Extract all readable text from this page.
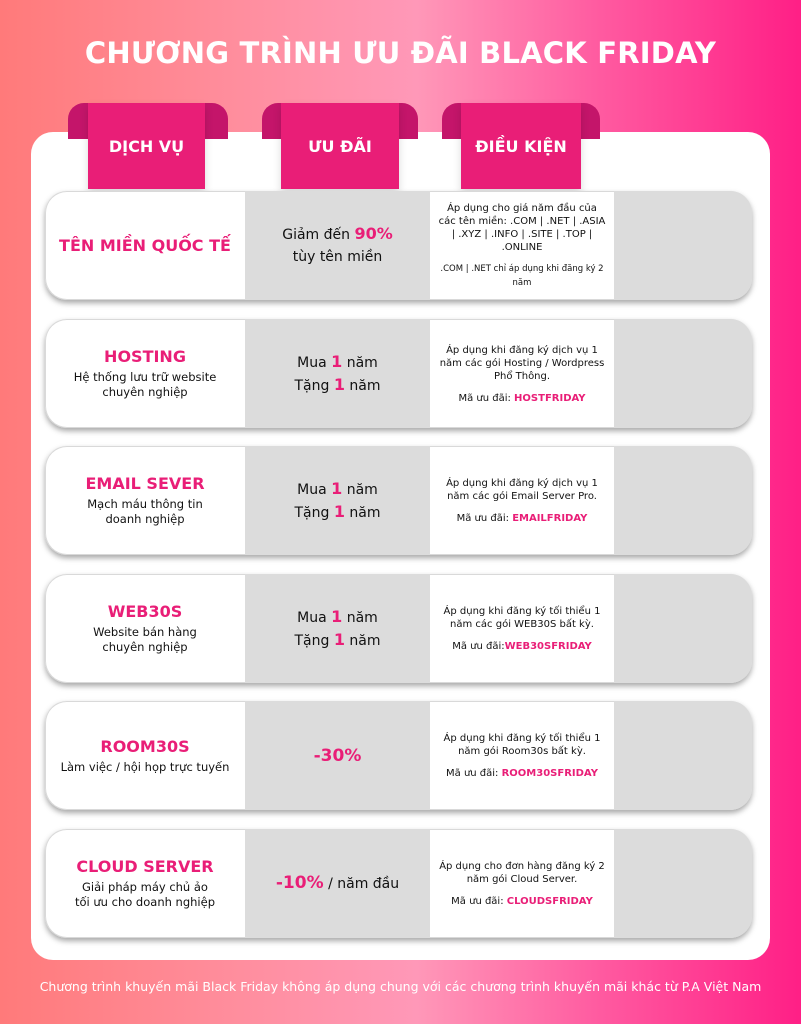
CHƯƠNG TRÌNH ƯU ĐÃI BLACK FRIDAY
DỊCH VỤ	ƯU ĐÃI	ĐIỀU KIỆN
TÊN MIỀN QUỐC TẾ
Giảm đến 90%
tùy tên miền
Áp dụng cho giá năm đầu của các tên miền: .COM | .NET | .ASIA | .XYZ | .INFO | .SITE | .TOP | .ONLINE
.COM | .NET chỉ áp dụng khi đăng ký 2 năm
HOSTING
Hệ thống lưu trữ website chuyên nghiệp
Mua 1 năm
Tặng 1 năm
Áp dụng khi đăng ký dịch vụ 1 năm các gói Hosting / Wordpress Phổ Thông.
Mã ưu đãi: HOSTFRIDAY
EMAIL SEVER
Mạch máu thông tin doanh nghiệp
Mua 1 năm
Tặng 1 năm
Áp dụng khi đăng ký dịch vụ 1 năm các gói Email Server Pro.
Mã ưu đãi: EMAILFRIDAY
WEB30S
Website bán hàng chuyên nghiệp
Mua 1 năm
Tặng 1 năm
Áp dụng khi đăng ký tối thiểu 1 năm các gói WEB30S bất kỳ.
Mã ưu đãi:WEB30SFRIDAY
ROOM30S
Làm việc / hội họp trực tuyến
-30%
Áp dụng khi đăng ký tối thiểu 1 năm gói Room30s bất kỳ.
Mã ưu đãi: ROOM30SFRIDAY
CLOUD SERVER
Giải pháp máy chủ ảo tối ưu cho doanh nghiệp
-10% / năm đầu
Áp dụng cho đơn hàng đăng ký 2 năm gói Cloud Server.
Mã ưu đãi: CLOUDSFRIDAY
Chương trình khuyến mãi Black Friday không áp dụng chung với các chương trình khuyến mãi khác từ P.A Việt Nam
